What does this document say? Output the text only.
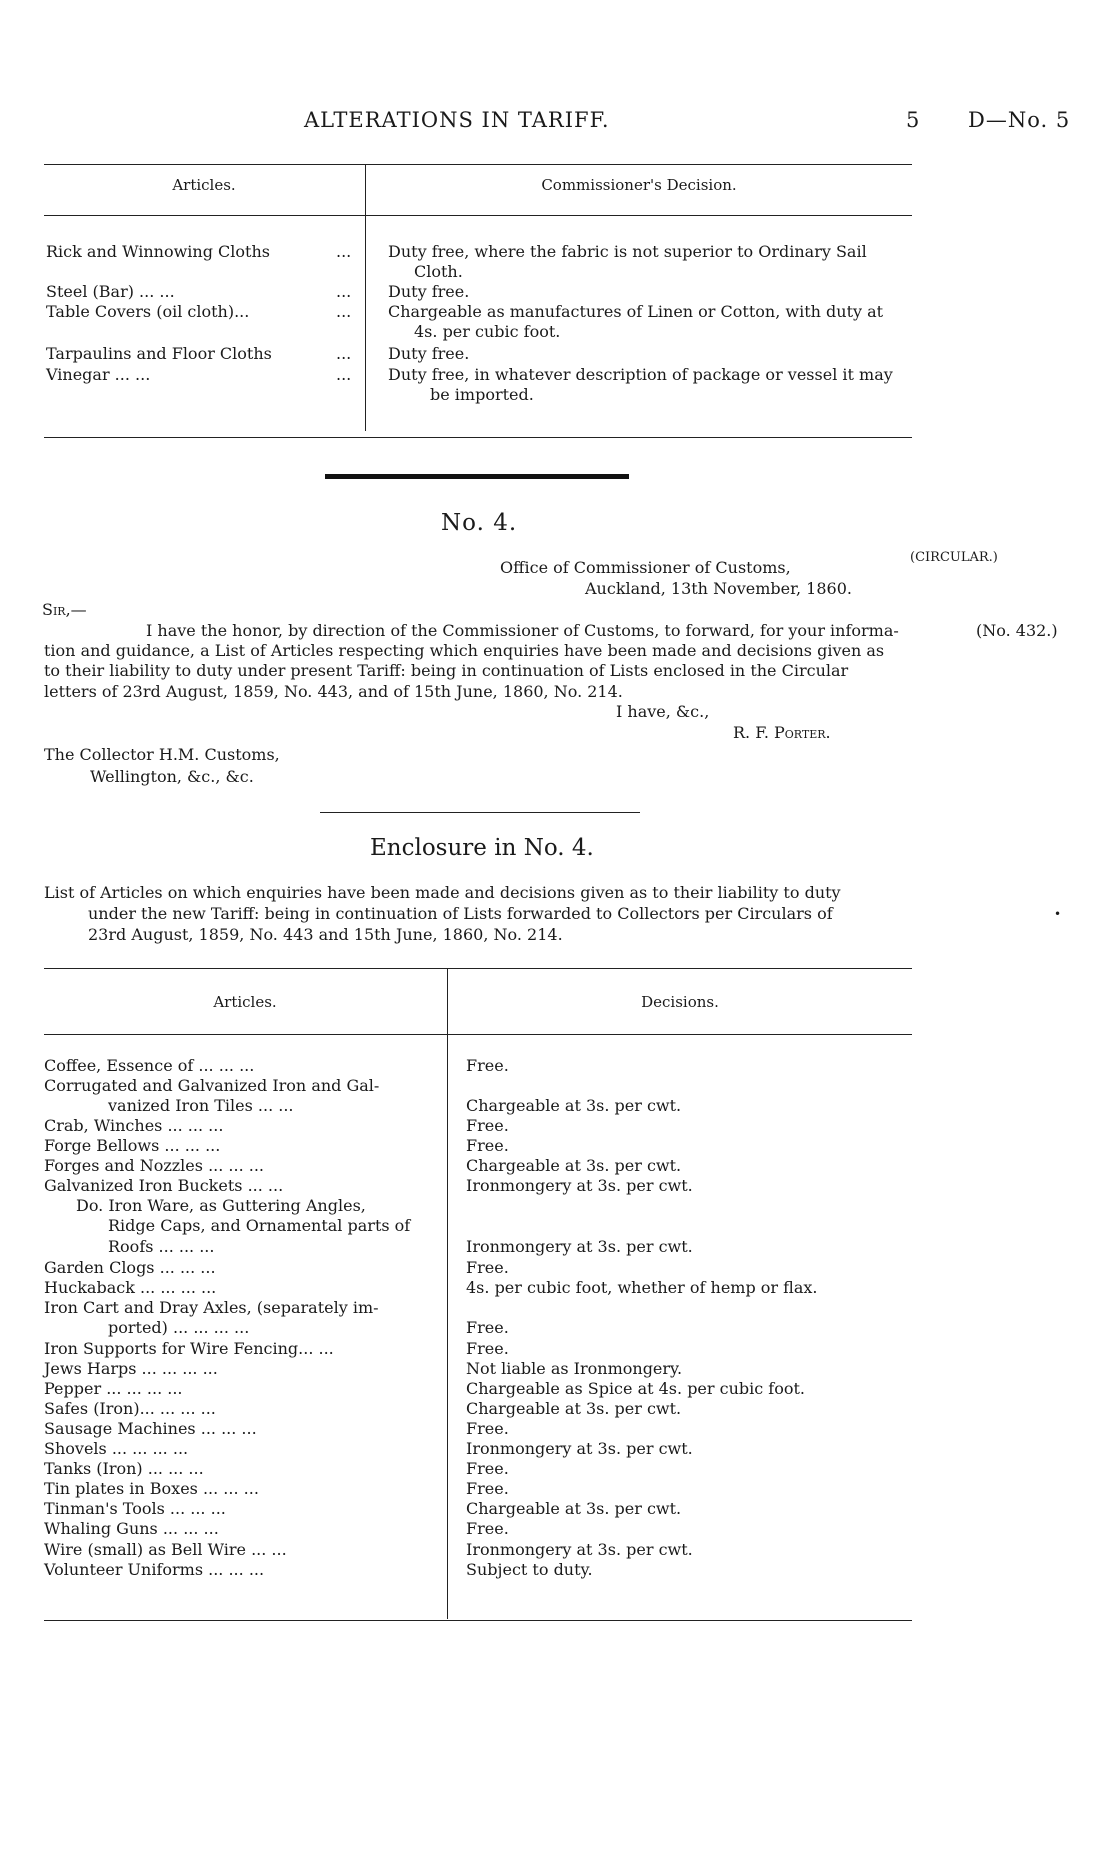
ALTERATIONS IN TARIFF.	5 D—No. 5
Articles.	Commissioner's Decision.
Rick and Winnowing Cloths	... Duty free, where the fabric is not superior to Ordinary Sail
Cloth.
Steel (Bar) ... ...	... Duty free.
Table Covers (oil cloth)...	... Chargeable as manufactures of Linen or Cotton, with duty at
4s. per cubic foot.
Tarpaulins and Floor Cloths	... Duty free.
Vinegar ... ...	... Duty free, in whatever description of package or vessel it may
be imported.
No. 4.
(CIRCULAR.)
Office of Commissioner of Customs,
Auckland, 13th November, 1860.
Sir,—
(No. 432.)
I have the honor, by direction of the Commissioner of Customs, to forward, for your informa-
tion and guidance, a List of Articles respecting which enquiries have been made and decisions given as
to their liability to duty under present Tariff: being in continuation of Lists enclosed in the Circular
letters of 23rd August, 1859, No. 443, and of 15th June, 1860, No. 214.
I have, &c.,
R. F. Porter.
The Collector H.M. Customs,
Wellington, &c., &c.
Enclosure in No. 4.
List of Articles on which enquiries have been made and decisions given as to their liability to duty
under the new Tariff: being in continuation of Lists forwarded to Collectors per Circulars of
23rd August, 1859, No. 443 and 15th June, 1860, No. 214.
•
Articles.	Decisions.
Coffee, Essence of ... ... ...	Free.
Corrugated and Galvanized Iron and Gal-
vanized Iron Tiles ... ...	Chargeable at 3s. per cwt.
Crab, Winches ... ... ...	Free.
Forge Bellows ... ... ...	Free.
Forges and Nozzles ... ... ...	Chargeable at 3s. per cwt.
Galvanized Iron Buckets ... ...	Ironmongery at 3s. per cwt.
Do. Iron Ware, as Guttering Angles,
Ridge Caps, and Ornamental parts of
Roofs ... ... ...	Ironmongery at 3s. per cwt.
Garden Clogs ... ... ...	Free.
Huckaback ... ... ... ...	4s. per cubic foot, whether of hemp or flax.
Iron Cart and Dray Axles, (separately im-
ported) ... ... ... ...	Free.
Iron Supports for Wire Fencing... ...	Free.
Jews Harps ... ... ... ...	Not liable as Ironmongery.
Pepper ... ... ... ...	Chargeable as Spice at 4s. per cubic foot.
Safes (Iron)... ... ... ...	Chargeable at 3s. per cwt.
Sausage Machines ... ... ...	Free.
Shovels ... ... ... ...	Ironmongery at 3s. per cwt.
Tanks (Iron) ... ... ...	Free.
Tin plates in Boxes ... ... ...	Free.
Tinman's Tools ... ... ...	Chargeable at 3s. per cwt.
Whaling Guns ... ... ...	Free.
Wire (small) as Bell Wire ... ...	Ironmongery at 3s. per cwt.
Volunteer Uniforms ... ... ...	Subject to duty.
